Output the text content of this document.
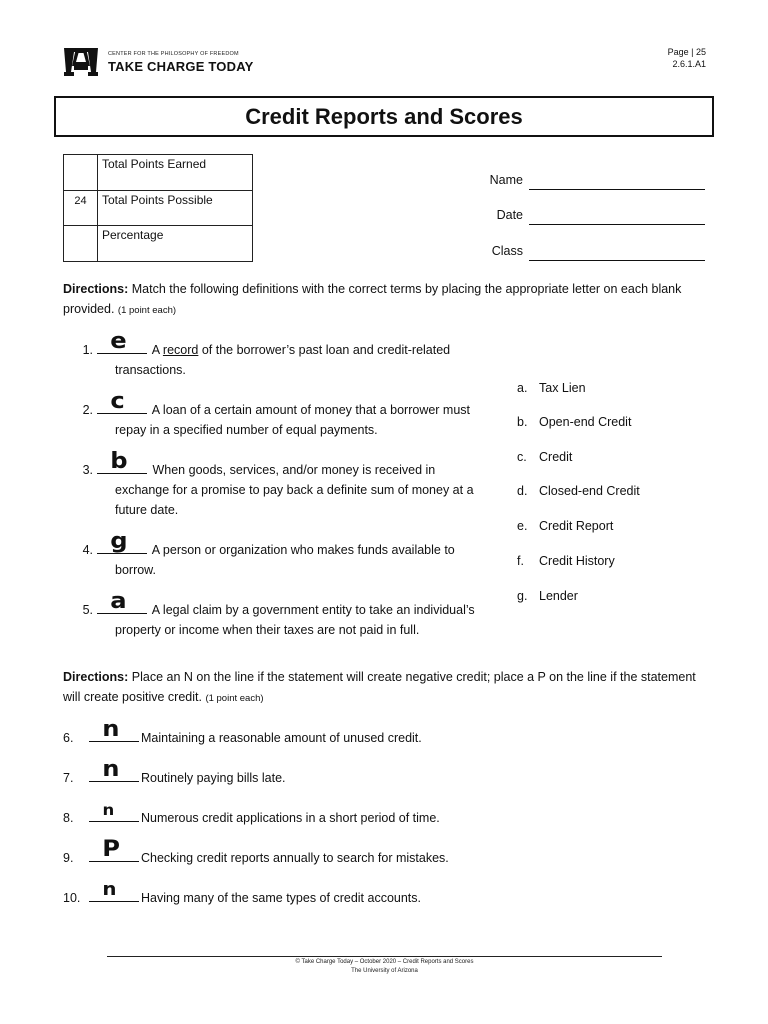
CENTER FOR THE PHILOSOPHY OF FREEDOM
TAKE CHARGE TODAY
Page | 25
2.6.1.A1
Credit Reports and Scores
	Total Points Earned
24	Total Points Possible
	Percentage
Name
Date
Class
Directions: Match the following definitions with the correct terms by placing the appropriate letter on each blank provided. (1 point each)
1. e A record of the borrower’s past loan and credit-related
transactions.
2. c A loan of a certain amount of money that a borrower must
repay in a specified number of equal payments.
3. b When goods, services, and/or money is received in
exchange for a promise to pay back a definite sum of money at a
future date.
4. g A person or organization who makes funds available to
borrow.
5. a A legal claim by a government entity to take an individual’s
property or income when their taxes are not paid in full.
a. Tax Lien
b. Open-end Credit
c. Credit
d. Closed-end Credit
e. Credit Report
f. Credit History
g. Lender
Directions: Place an N on the line if the statement will create negative credit; place a P on the line if the statement will create positive credit. (1 point each)
6. n Maintaining a reasonable amount of unused credit.
7. n Routinely paying bills late.
8. n Numerous credit applications in a short period of time.
9. P Checking credit reports annually to search for mistakes.
10. n Having many of the same types of credit accounts.
© Take Charge Today – October 2020 – Credit Reports and Scores
The University of Arizona
